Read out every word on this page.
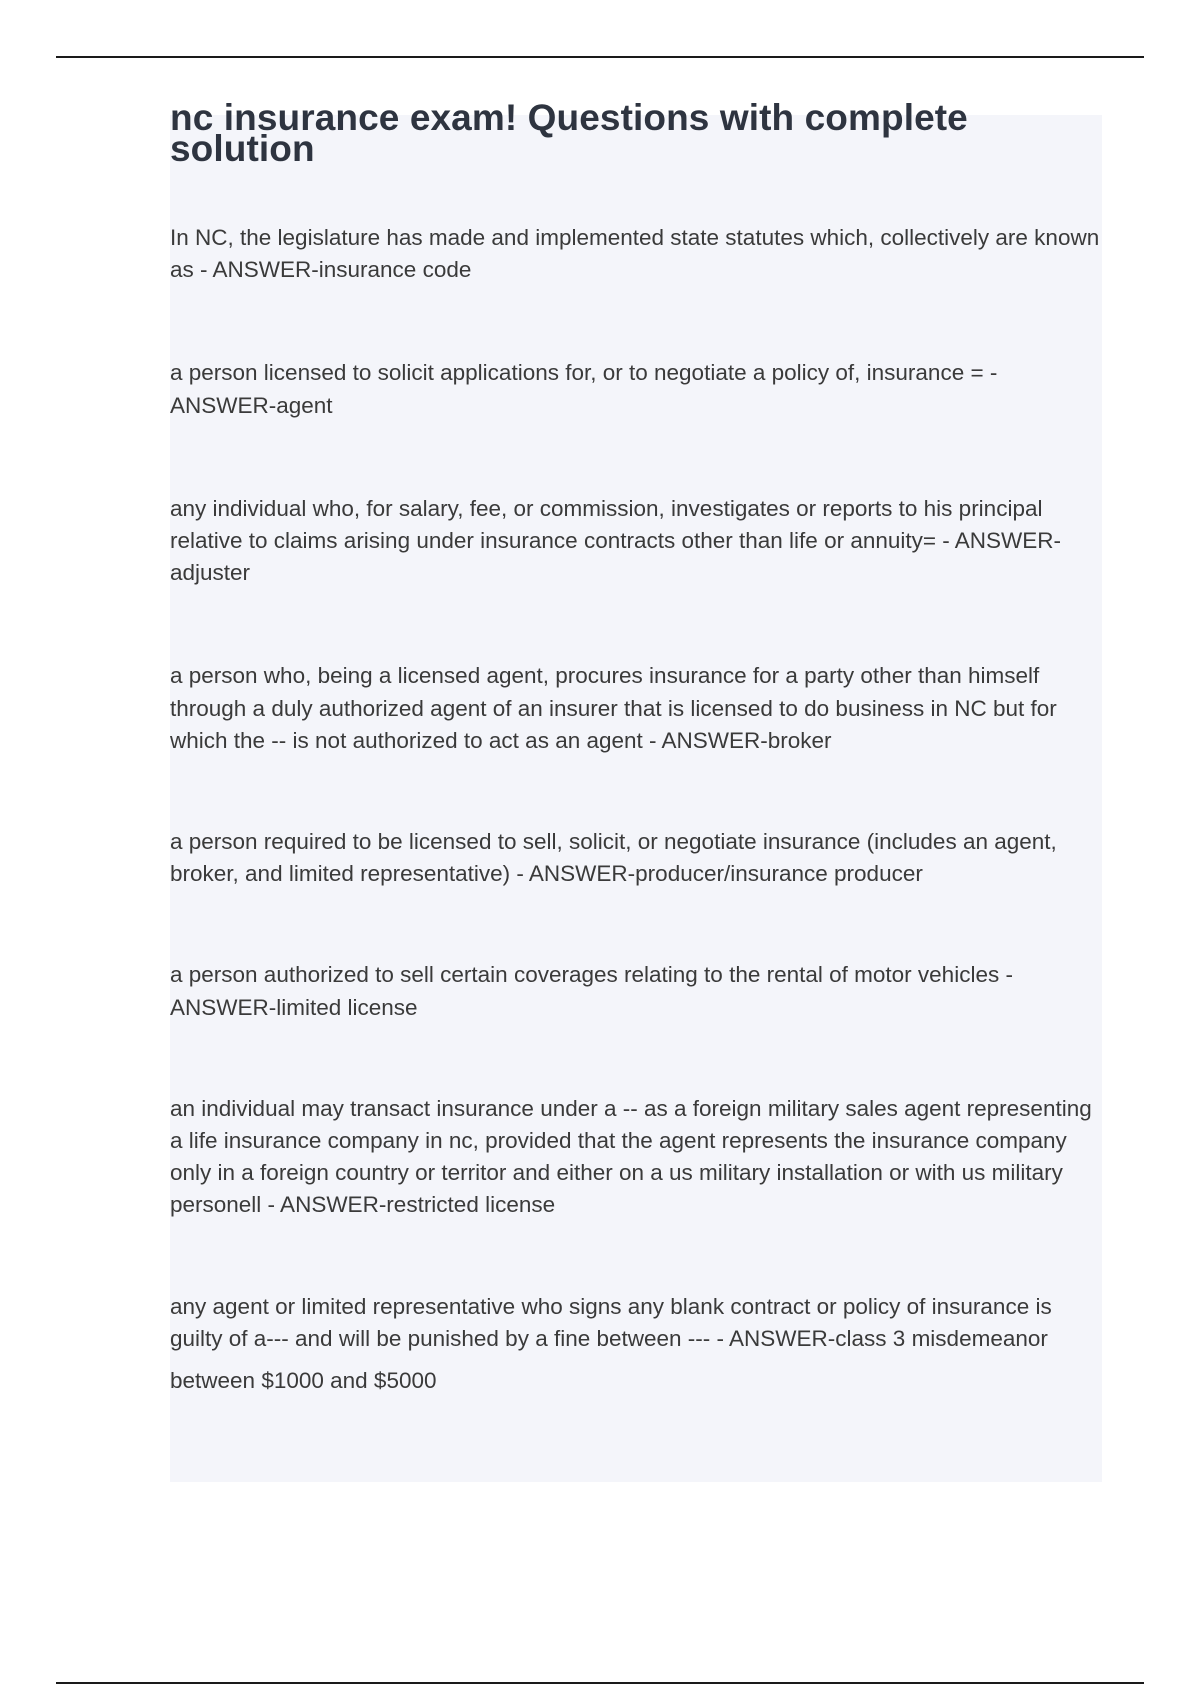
nc insurance exam! Questions with complete solution

In NC, the legislature has made and implemented state statutes which, collectively are known as - ANSWER-insurance code

a person licensed to solicit applications for, or to negotiate a policy of, insurance = - ANSWER-agent

any individual who, for salary, fee, or commission, investigates or reports to his principal relative to claims arising under insurance contracts other than life or annuity= - ANSWER-adjuster

a person who, being a licensed agent, procures insurance for a party other than himself through a duly authorized agent of an insurer that is licensed to do business in NC but for which the -- is not authorized to act as an agent - ANSWER-broker

a person required to be licensed to sell, solicit, or negotiate insurance (includes an agent, broker, and limited representative) - ANSWER-producer/insurance producer

a person authorized to sell certain coverages relating to the rental of motor vehicles - ANSWER-limited license

an individual may transact insurance under a -- as a foreign military sales agent representing a life insurance company in nc, provided that the agent represents the insurance company only in a foreign country or territor and either on a us military installation or with us military personell - ANSWER-restricted license

any agent or limited representative who signs any blank contract or policy of insurance is guilty of a--- and will be punished by a fine between --- - ANSWER-class 3 misdemeanor

between $1000 and $5000
